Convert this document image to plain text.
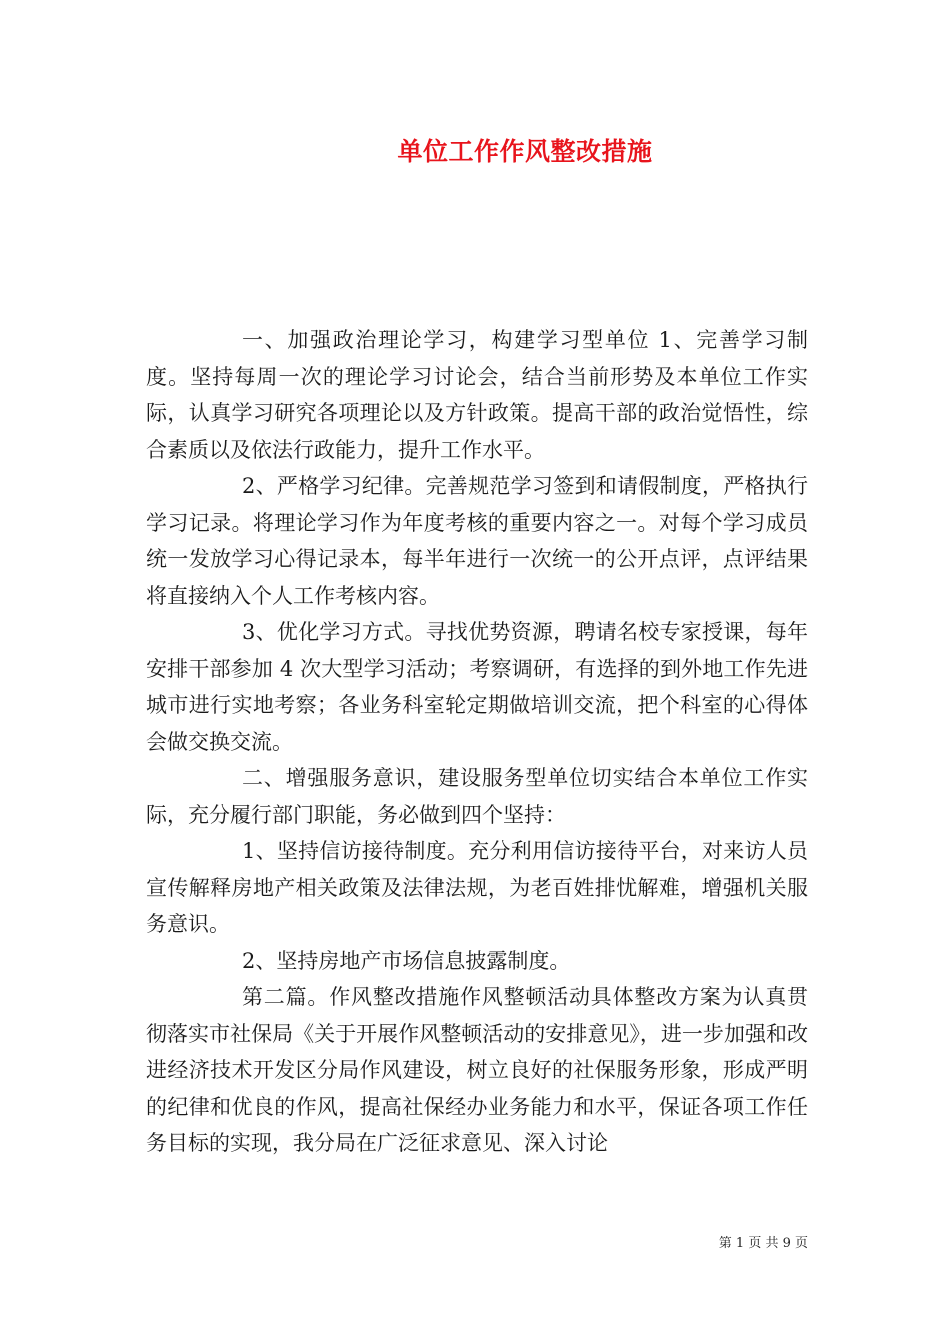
单位工作作风整改措施

一、加强政治理论学习，构建学习型单位 1、完善学习制度。坚持每周一次的理论学习讨论会，结合当前形势及本单位工作实际，认真学习研究各项理论以及方针政策。提高干部的政治觉悟性，综合素质以及依法行政能力，提升工作水平。

2、严格学习纪律。完善规范学习签到和请假制度，严格执行学习记录。将理论学习作为年度考核的重要内容之一。对每个学习成员统一发放学习心得记录本，每半年进行一次统一的公开点评，点评结果将直接纳入个人工作考核内容。

3、优化学习方式。寻找优势资源，聘请名校专家授课，每年安排干部参加 4 次大型学习活动；考察调研，有选择的到外地工作先进城市进行实地考察；各业务科室轮定期做培训交流，把个科室的心得体会做交换交流。

二、增强服务意识，建设服务型单位切实结合本单位工作实际，充分履行部门职能，务必做到四个坚持：

1、坚持信访接待制度。充分利用信访接待平台，对来访人员宣传解释房地产相关政策及法律法规，为老百姓排忧解难，增强机关服务意识。

2、坚持房地产市场信息披露制度。

第二篇。作风整改措施作风整顿活动具体整改方案为认真贯彻落实市社保局《关于开展作风整顿活动的安排意见》，进一步加强和改进经济技术开发区分局作风建设，树立良好的社保服务形象，形成严明的纪律和优良的作风，提高社保经办业务能力和水平，保证各项工作任务目标的实现，我分局在广泛征求意见、深入讨论

第 1 页 共 9 页
